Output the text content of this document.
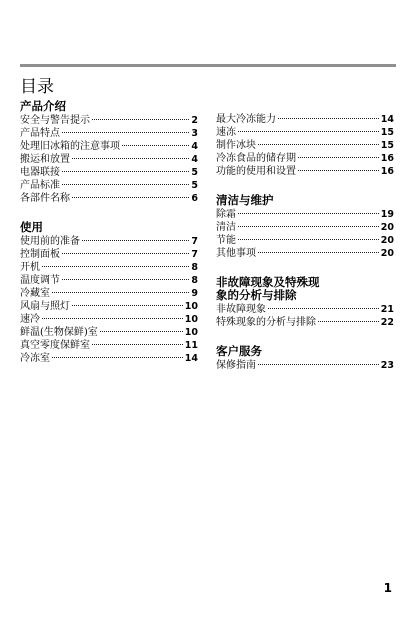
目录
产品介绍
安全与警告提示	2
产品特点	3
处理旧冰箱的注意事项	4
搬运和放置	4
电器联接	5
产品标准	5
各部件名称	6
使用
使用前的准备	7
控制面板	7
开机	8
温度调节	8
冷藏室	9
风扇与照灯	10
速冷	10
鲜温(生物保鲜)室	10
真空零度保鲜室	11
冷冻室	14
最大冷冻能力	14
速冻	15
制作冰块	15
冷冻食品的储存期	16
功能的使用和设置	16
清洁与维护
除霜	19
清洁	20
节能	20
其他事项	20
非故障现象及特殊现
象的分析与排除
非故障现象	21
特殊现象的分析与排除	22
客户服务
保修指南	23
1
